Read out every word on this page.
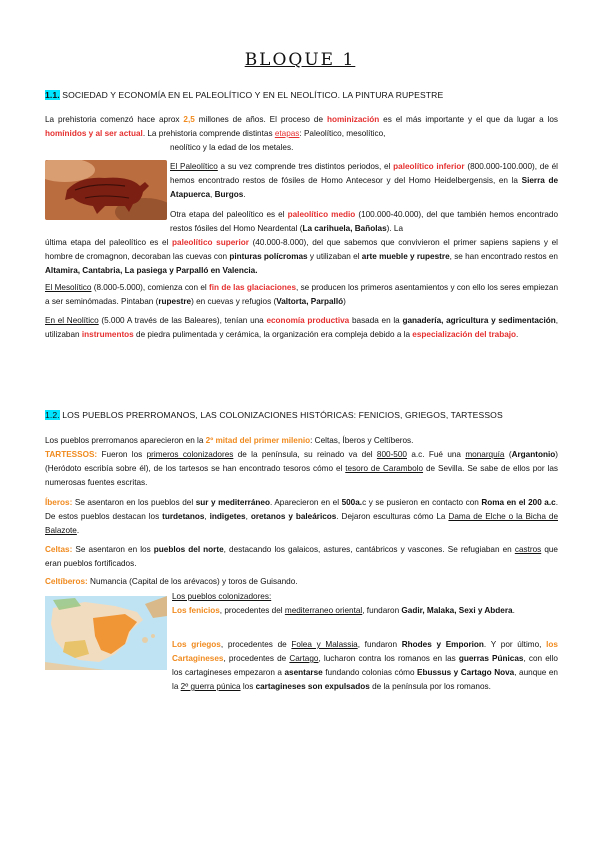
BLOQUE 1
1.1. SOCIEDAD Y ECONOMÍA EN EL PALEOLÍTICO Y EN EL NEOLÍTICO. LA PINTURA RUPESTRE
La prehistoria comenzó hace aprox 2,5 millones de años. El proceso de hominización es el más importante y el que da lugar a los homínidos y al ser actual. La prehistoria comprende distintas etapas: Paleolítico, mesolítico,
neolítico y la edad de los metales.
El Paleolítico a su vez comprende tres distintos periodos, el paleolítico inferior (800.000-100.000), de él hemos encontrado restos de fósiles de Homo Antecesor y del Homo Heidelbergensis, en la Sierra de Atapuerca, Burgos.
Otra etapa del paleolítico es el paleolítico medio (100.000-40.000), del que también hemos encontrado restos fósiles del Homo Neardental (La carihuela, Bañolas). La
última etapa del paleolítico es el paleolítico superior (40.000-8.000), del que sabemos que convivieron el primer sapiens sapiens y el hombre de cromagnon, decoraban las cuevas con pinturas polícromas y utilizaban el arte mueble y rupestre, se han encontrado restos en Altamira, Cantabria, La pasiega y Parpalló en Valencia.
El Mesolítico (8.000-5.000), comienza con el fin de las glaciaciones, se producen los primeros asentamientos y con ello los seres empiezan a ser seminómadas. Pintaban (rupestre) en cuevas y refugios (Valtorta, Parpalló)
En el Neolítico (5.000 A través de las Baleares), tenían una economía productiva basada en la ganadería, agricultura y sedimentación, utilizaban instrumentos de piedra pulimentada y cerámica, la organización era compleja debido a la especialización del trabajo.
1.2. LOS PUEBLOS PRERROMANOS, LAS COLONIZACIONES HISTÓRICAS: FENICIOS, GRIEGOS, TARTESSOS
Los pueblos prerromanos aparecieron en la 2º mitad del primer milenio: Celtas, Íberos y Celtíberos.
TARTESSOS: Fueron los primeros colonizadores de la península, su reinado va del 800-500 a.c. Fué una monarquía (Argantonio) (Heródoto escribía sobre él), de los tartesos se han encontrado tesoros cómo el tesoro de Carambolo de Sevilla. Se sabe de ellos por las numerosas fuentes escritas.
Íberos: Se asentaron en los pueblos del sur y mediterráneo. Aparecieron en el 500a.c y se pusieron en contacto con Roma en el 200 a.c. De estos pueblos destacan los turdetanos, indigetes, oretanos y baleáricos. Dejaron esculturas cómo La Dama de Elche o la Bicha de Balazote.
Celtas: Se asentaron en los pueblos del norte, destacando los galaicos, astures, cantábricos y vascones. Se refugiaban en castros que eran pueblos fortificados.
Celtíberos: Numancia (Capital de los arévacos) y toros de Guisando.
Los pueblos colonizadores:
Los fenicios, procedentes del mediterraneo oriental, fundaron Gadir, Malaka, Sexi y Abdera.
Los griegos, procedentes de Folea y Malassia, fundaron Rhodes y Emporion. Y por último, los Cartagineses, procedentes de Cartago, lucharon contra los romanos en las guerras Púnicas, con ello los cartagineses empezaron a asentarse fundando colonias cómo Ebussus y Cartago Nova, aunque en la 2º guerra púnica los cartagineses son expulsados de la península por los romanos.
